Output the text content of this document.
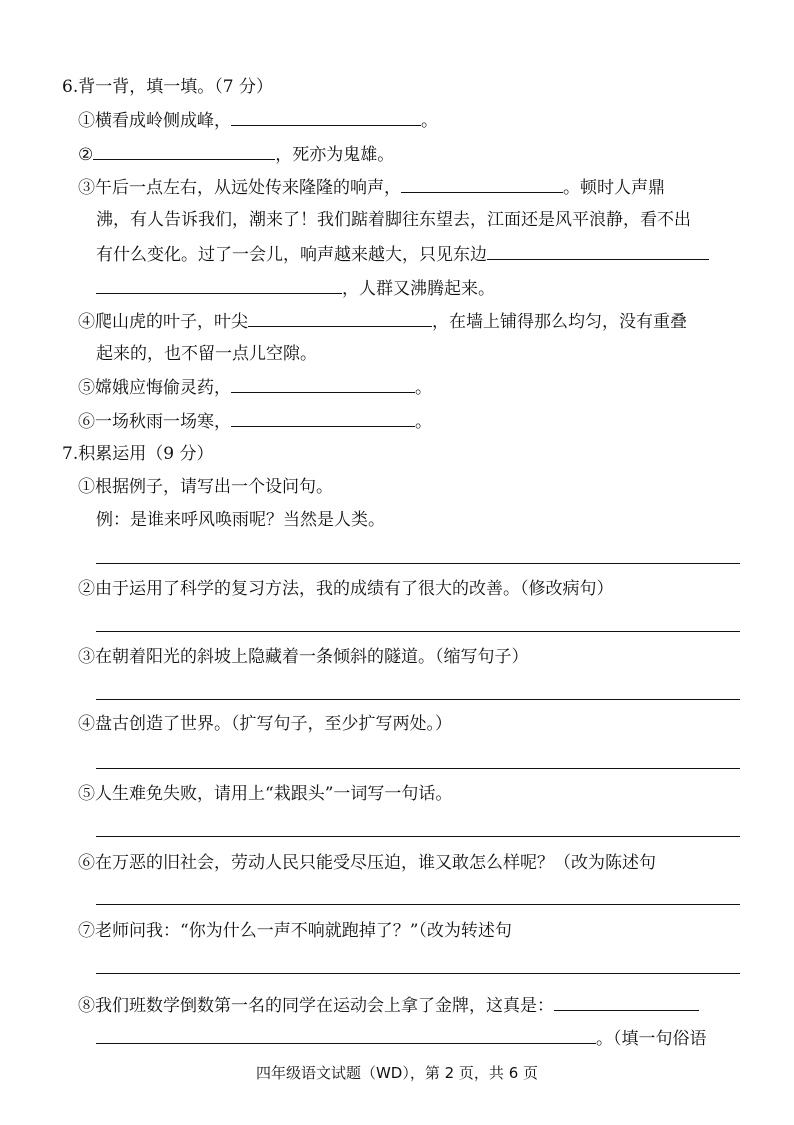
6.背一背，填一填。（7 分）
①横看成岭侧成峰，	。
②	，死亦为鬼雄。
③午后一点左右，从远处传来隆隆的响声，	。顿时人声鼎
沸，有人告诉我们，潮来了！我们踮着脚往东望去，江面还是风平浪静，看不出
有什么变化。过了一会儿，响声越来越大，只见东边
，人群又沸腾起来。
④爬山虎的叶子，叶尖	，在墙上铺得那么均匀，没有重叠
起来的，也不留一点儿空隙。
⑤嫦娥应悔偷灵药，	。
⑥一场秋雨一场寒，	。
7.积累运用（9 分）
①根据例子，请写出一个设问句。
例：是谁来呼风唤雨呢？当然是人类。
②由于运用了科学的复习方法，我的成绩有了很大的改善。（修改病句）
③在朝着阳光的斜坡上隐藏着一条倾斜的隧道。（缩写句子）
④盘古创造了世界。（扩写句子，至少扩写两处。）
⑤人生难免失败，请用上“栽跟头”一词写一句话。
⑥在万恶的旧社会，劳动人民只能受尽压迫，谁又敢怎么样呢？（改为陈述句
⑦老师问我：“你为什么一声不响就跑掉了？”（改为转述句
⑧我们班数学倒数第一名的同学在运动会上拿了金牌，这真是：
。（填一句俗语
四年级语文试题（WD），第 2 页，共 6 页
